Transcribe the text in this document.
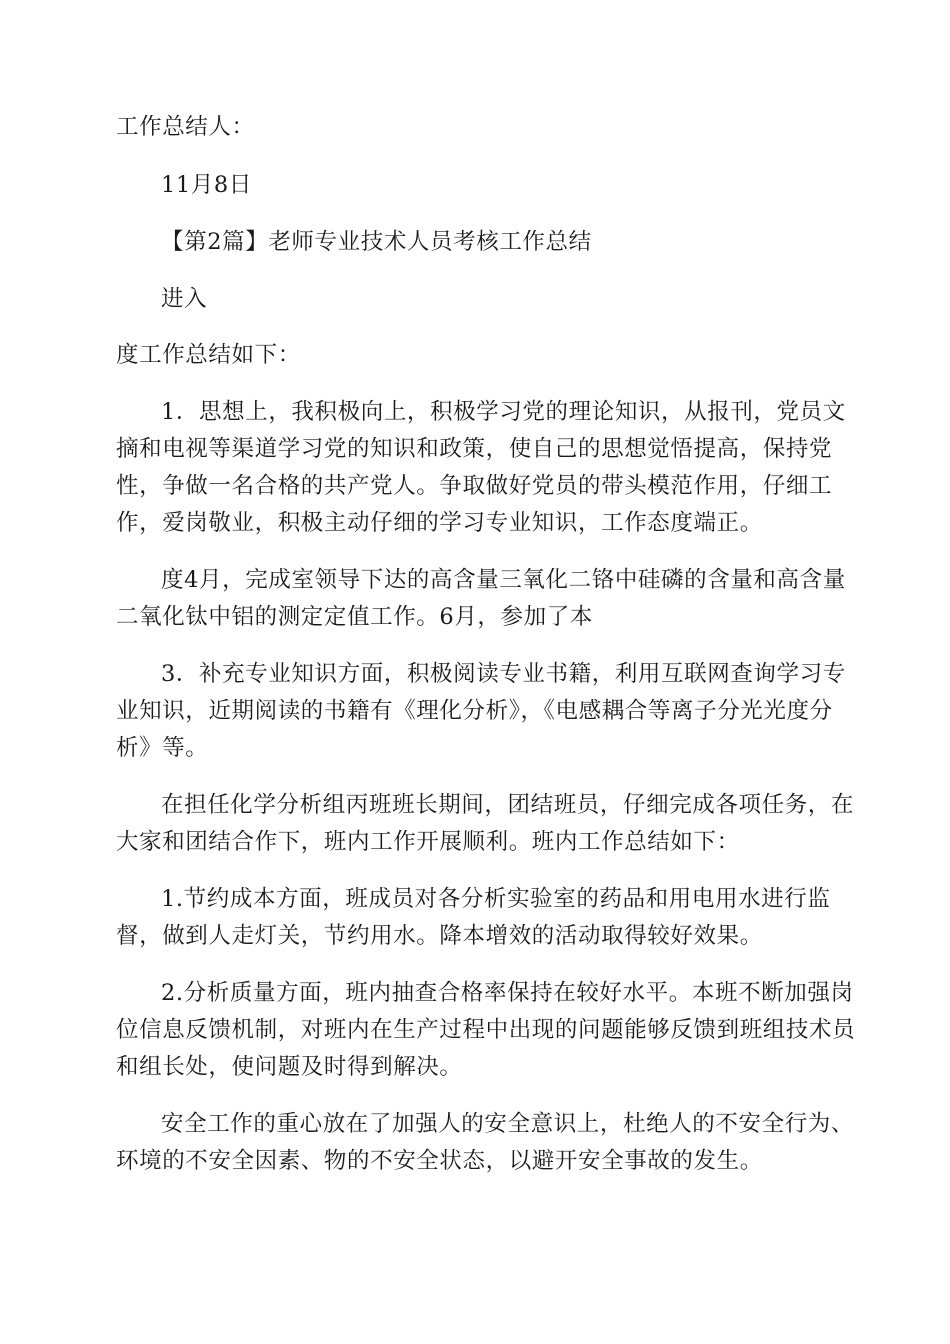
工作总结人：
11月8日
【第2篇】老师专业技术人员考核工作总结
进入
度工作总结如下：
1．思想上，我积极向上，积极学习党的理论知识，从报刊，党员文
摘和电视等渠道学习党的知识和政策，使自己的思想觉悟提高，保持党
性，争做一名合格的共产党人。争取做好党员的带头模范作用，仔细工
作，爱岗敬业，积极主动仔细的学习专业知识，工作态度端正。
度4月，完成室领导下达的高含量三氧化二铬中硅磷的含量和高含量
二氧化钛中铝的测定定值工作。6月，参加了本
3．补充专业知识方面，积极阅读专业书籍，利用互联网查询学习专
业知识，近期阅读的书籍有《理化分析》，《电感耦合等离子分光光度分
析》等。
在担任化学分析组丙班班长期间，团结班员，仔细完成各项任务，在
大家和团结合作下，班内工作开展顺利。班内工作总结如下：
1.节约成本方面，班成员对各分析实验室的药品和用电用水进行监
督，做到人走灯关，节约用水。降本增效的活动取得较好效果。
2.分析质量方面，班内抽查合格率保持在较好水平。本班不断加强岗
位信息反馈机制，对班内在生产过程中出现的问题能够反馈到班组技术员
和组长处，使问题及时得到解决。
安全工作的重心放在了加强人的安全意识上，杜绝人的不安全行为、
环境的不安全因素、物的不安全状态，以避开安全事故的发生。
